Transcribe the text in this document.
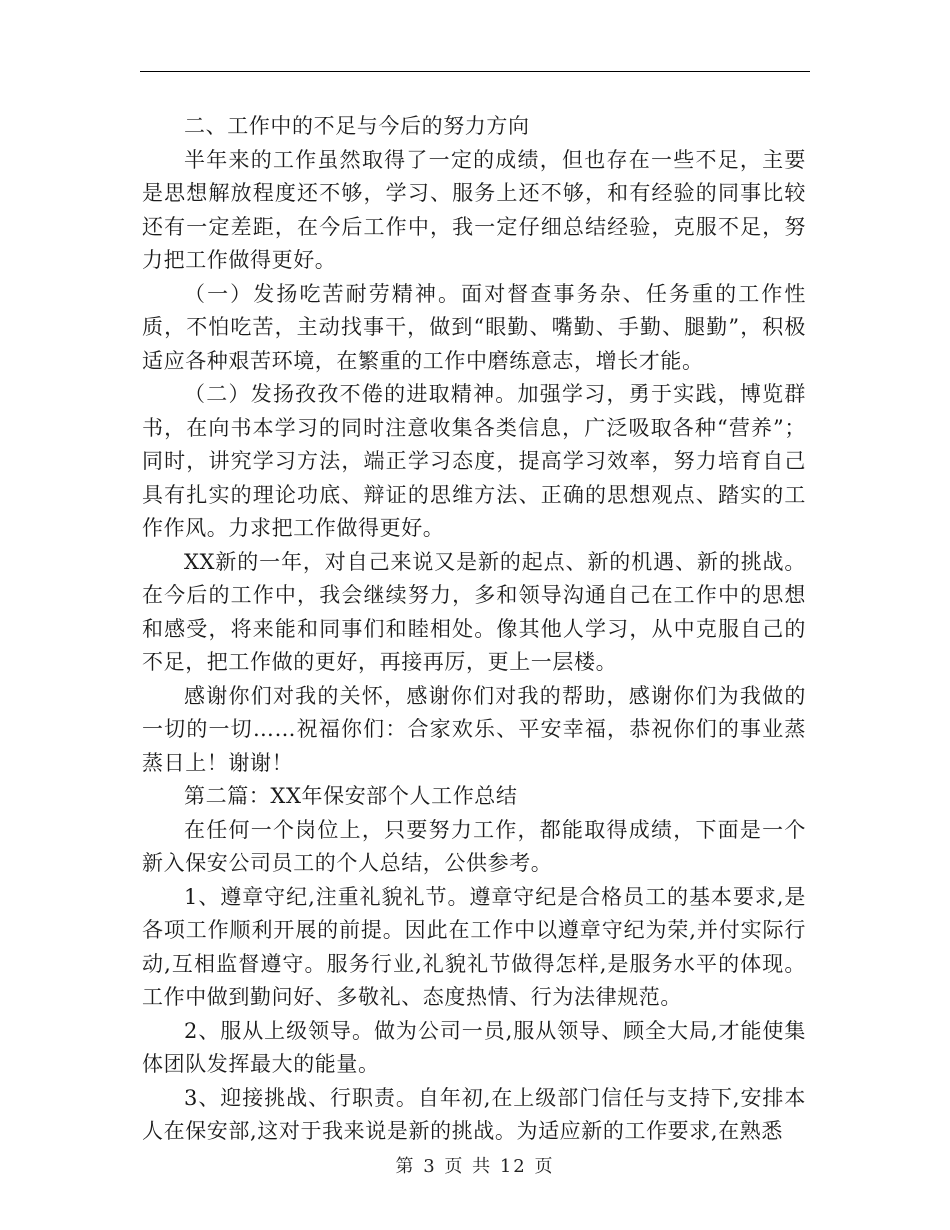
二、工作中的不足与今后的努力方向

半年来的工作虽然取得了一定的成绩，但也存在一些不足，主要是思想解放程度还不够，学习、服务上还不够，和有经验的同事比较还有一定差距，在今后工作中，我一定仔细总结经验，克服不足，努力把工作做得更好。

（一）发扬吃苦耐劳精神。面对督查事务杂、任务重的工作性质，不怕吃苦，主动找事干，做到“眼勤、嘴勤、手勤、腿勤”，积极适应各种艰苦环境，在繁重的工作中磨练意志，增长才能。

（二）发扬孜孜不倦的进取精神。加强学习，勇于实践，博览群书，在向书本学习的同时注意收集各类信息，广泛吸取各种“营养”；同时，讲究学习方法，端正学习态度，提高学习效率，努力培育自己具有扎实的理论功底、辩证的思维方法、正确的思想观点、踏实的工作作风。力求把工作做得更好。

XX新的一年，对自己来说又是新的起点、新的机遇、新的挑战。在今后的工作中，我会继续努力，多和领导沟通自己在工作中的思想和感受，将来能和同事们和睦相处。像其他人学习，从中克服自己的不足，把工作做的更好，再接再厉，更上一层楼。

感谢你们对我的关怀，感谢你们对我的帮助，感谢你们为我做的一切的一切……祝福你们：合家欢乐、平安幸福，恭祝你们的事业蒸蒸日上！谢谢！

第二篇：XX年保安部个人工作总结

在任何一个岗位上，只要努力工作，都能取得成绩，下面是一个新入保安公司员工的个人总结，公供参考。

1、遵章守纪,注重礼貌礼节。遵章守纪是合格员工的基本要求,是各项工作顺利开展的前提。因此在工作中以遵章守纪为荣,并付实际行动,互相监督遵守。服务行业,礼貌礼节做得怎样,是服务水平的体现。工作中做到勤问好、多敬礼、态度热情、行为法律规范。

2、服从上级领导。做为公司一员,服从领导、顾全大局,才能使集体团队发挥最大的能量。

3、迎接挑战、行职责。自年初,在上级部门信任与支持下,安排本人在保安部,这对于我来说是新的挑战。为适应新的工作要求,在熟悉

第 3 页 共 12 页
